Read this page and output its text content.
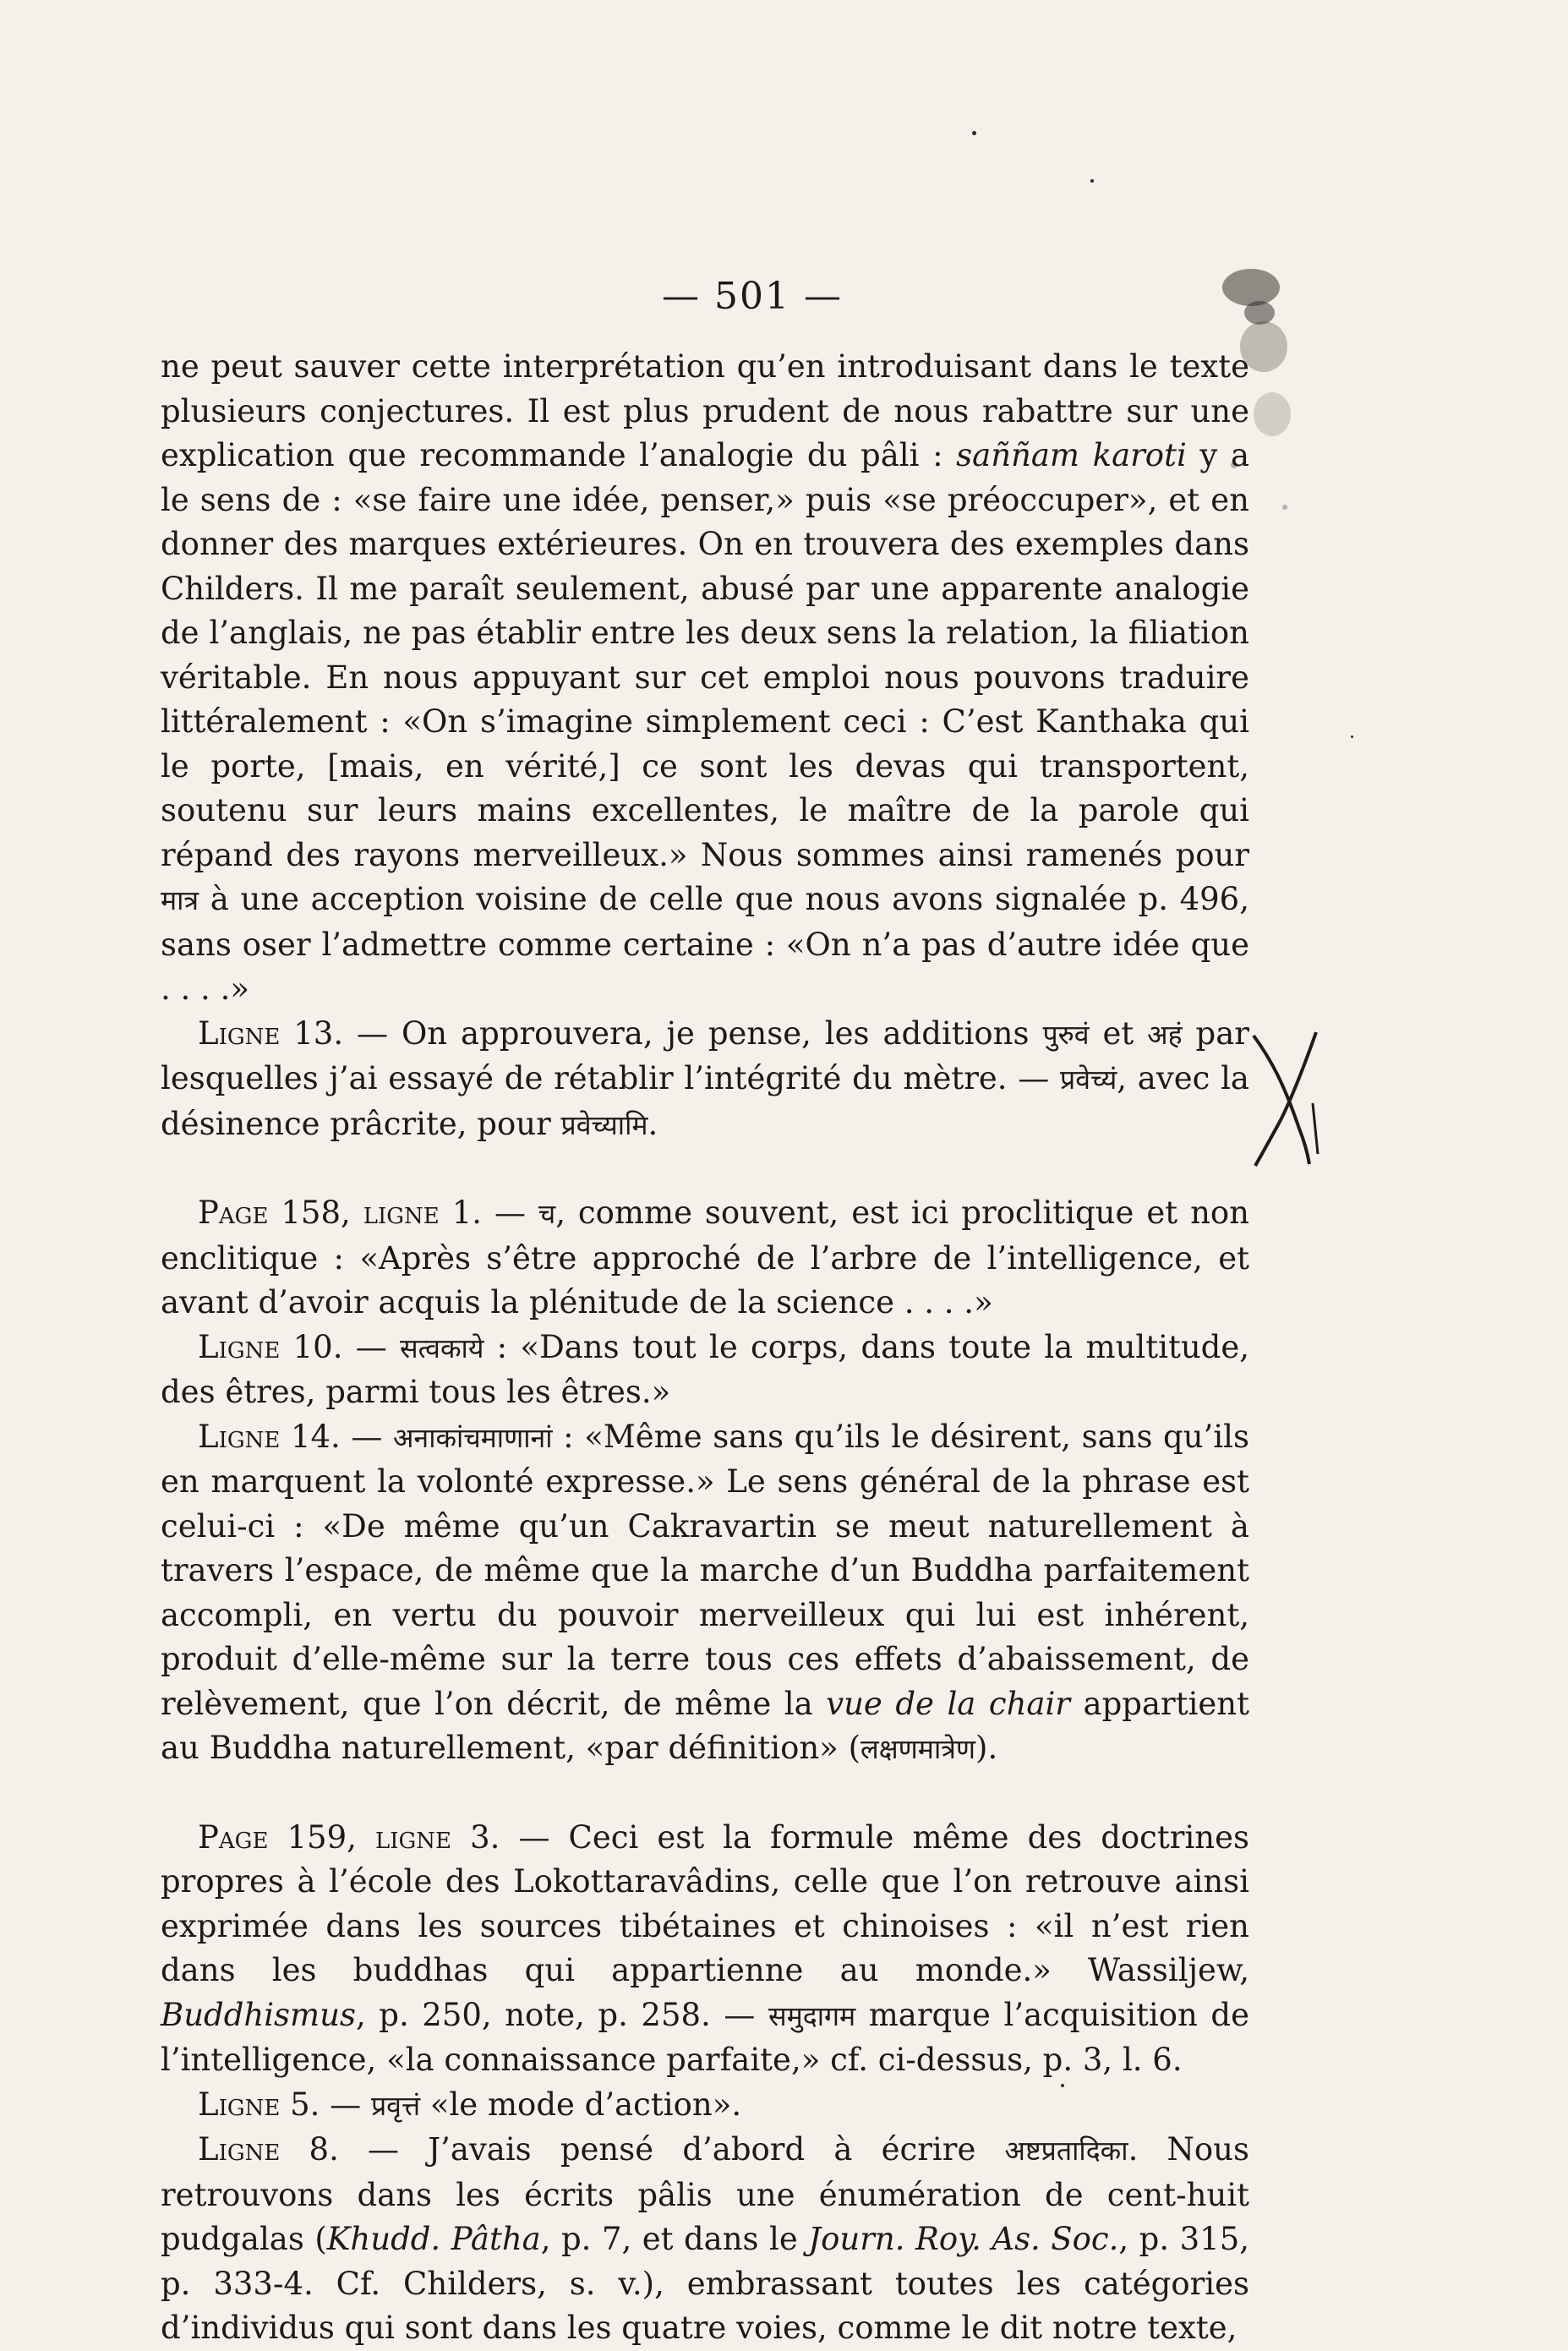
— 501 —

ne peut sauver cette interprétation qu’en introduisant dans le texte plusieurs conjectures. Il est plus prudent de nous rabattre sur une explication que recommande l’analogie du pâli : saññam karoti y a le sens de : «se faire une idée, penser,» puis «se préoccuper», et en donner des marques extérieures. On en trouvera des exemples dans Childers. Il me paraît seulement, abusé par une apparente analogie de l’anglais, ne pas établir entre les deux sens la relation, la filiation véritable. En nous appuyant sur cet emploi nous pouvons traduire littéralement : «On s’imagine simplement ceci : C’est Kanthaka qui le porte, [mais, en vérité,] ce sont les devas qui transportent, soutenu sur leurs mains excellentes, le maître de la parole qui répand des rayons merveilleux.» Nous sommes ainsi ramenés pour मात्र à une acception voisine de celle que nous avons signalée p. 496, sans oser l’admettre comme certaine : «On n’a pas d’autre idée que . . . .»

Ligne 13. — On approuvera, je pense, les additions पुरुवं et अहं par lesquelles j’ai essayé de rétablir l’intégrité du mètre. — प्रवेच्यं, avec la désinence prâcrite, pour प्रवेच्यामि.

Page 158, ligne 1. — च, comme souvent, est ici proclitique et non enclitique : «Après s’être approché de l’arbre de l’intelligence, et avant d’avoir acquis la plénitude de la science . . . .»

Ligne 10. — सत्वकाये : «Dans tout le corps, dans toute la multitude, des êtres, parmi tous les êtres.»

Ligne 14. — अनाकांचमाणानां : «Même sans qu’ils le désirent, sans qu’ils en marquent la volonté expresse.» Le sens général de la phrase est celui-ci : «De même qu’un Cakravartin se meut naturellement à travers l’espace, de même que la marche d’un Buddha parfaitement accompli, en vertu du pouvoir merveilleux qui lui est inhérent, produit d’elle-même sur la terre tous ces effets d’abaissement, de relèvement, que l’on décrit, de même la vue de la chair appartient au Buddha naturellement, «par définition» (लक्षणमात्रेण).

Page 159, ligne 3. — Ceci est la formule même des doctrines propres à l’école des Lokottaravâdins, celle que l’on retrouve ainsi exprimée dans les sources tibétaines et chinoises : «il n’est rien dans les buddhas qui appartienne au monde.» Wassiljew, Buddhismus, p. 250, note, p. 258. — समुदागम marque l’acquisition de l’intelligence, «la connaissance parfaite,» cf. ci-dessus, p. 3, l. 6.

Ligne 5. — प्रवृत्तं «le mode d’action».

Ligne 8. — J’avais pensé d’abord à écrire अष्टप्रतादिका. Nous retrouvons dans les écrits pâlis une énumération de cent-huit pudgalas (Khudd. Pâtha, p. 7, et dans le Journ. Roy. As. Soc., p. 315, p. 333-4. Cf. Childers, s. v.), embrassant toutes les catégories d’individus qui sont dans les quatre voies, comme le dit notre texte,
